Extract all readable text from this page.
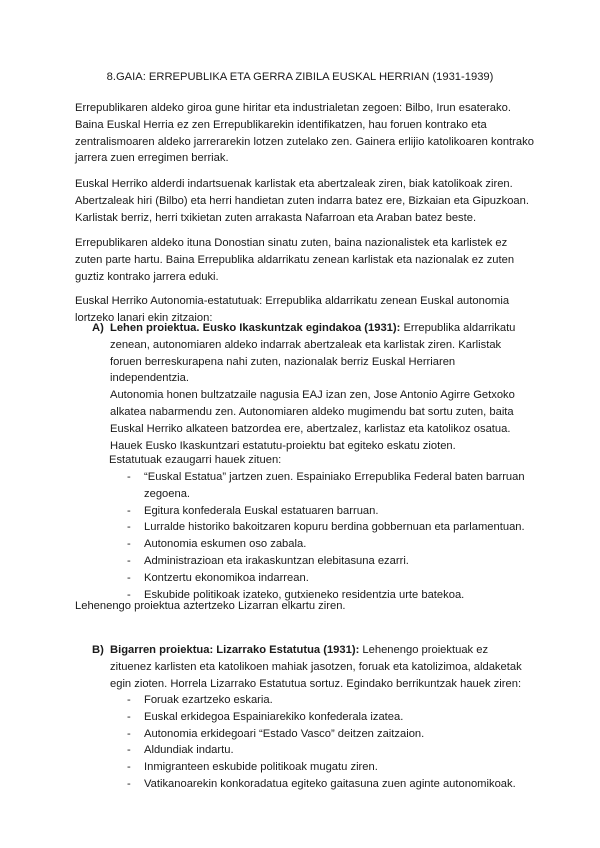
8.GAIA: ERREPUBLIKA ETA GERRA ZIBILA EUSKAL HERRIAN (1931-1939)
Errepublikaren aldeko giroa gune hiritar eta industrialetan zegoen: Bilbo, Irun esaterako.
Baina Euskal Herria ez zen Errepublikarekin identifikatzen, hau foruen kontrako eta
zentralismoaren aldeko jarrerarekin lotzen zutelako zen. Gainera erlijio katolikoaren kontrako
jarrera zuen erregimen berriak.
Euskal Herriko alderdi indartsuenak karlistak eta abertzaleak ziren, biak katolikoak ziren.
Abertzaleak hiri (Bilbo) eta herri handietan zuten indarra batez ere, Bizkaian eta Gipuzkoan.
Karlistak berriz, herri txikietan zuten arrakasta Nafarroan eta Araban batez beste.
Errepublikaren aldeko ituna Donostian sinatu zuten, baina nazionalistek eta karlistek ez
zuten parte hartu. Baina Errepublika aldarrikatu zenean karlistak eta nazionalak ez zuten
guztiz kontrako jarrera eduki.
Euskal Herriko Autonomia-estatutuak: Errepublika aldarrikatu zenean Euskal autonomia
lortzeko lanari ekin zitzaion:
A) Lehen proiektua. Eusko Ikaskuntzak egindakoa (1931): Errepublika aldarrikatu
zenean, autonomiaren aldeko indarrak abertzaleak eta karlistak ziren. Karlistak
foruen berreskurapena nahi zuten, nazionalak berriz Euskal Herriaren
independentzia.
Autonomia honen bultzatzaile nagusia EAJ izan zen, Jose Antonio Agirre Getxoko
alkatea nabarmendu zen. Autonomiaren aldeko mugimendu bat sortu zuten, baita
Euskal Herriko alkateen batzordea ere, abertzalez, karlistaz eta katolikoz osatua.
Hauek Eusko Ikaskuntzari estatutu-proiektu bat egiteko eskatu zioten.
Estatutuak ezaugarri hauek zituen:
- “Euskal Estatua” jartzen zuen. Espainiako Errepublika Federal baten barruan
zegoena.
- Egitura konfederala Euskal estatuaren barruan.
- Lurralde historiko bakoitzaren kopuru berdina gobbernuan eta parlamentuan.
- Autonomia eskumen oso zabala.
- Administrazioan eta irakaskuntzan elebitasuna ezarri.
- Kontzertu ekonomikoa indarrean.
- Eskubide politikoak izateko, gutxieneko residentzia urte batekoa.
Lehenengo proiektua aztertzeko Lizarran elkartu ziren.
B) Bigarren proiektua: Lizarrako Estatutua (1931): Lehenengo proiektuak ez
zituenez karlisten eta katolikoen mahiak jasotzen, foruak eta katolizimoa, aldaketak
egin zioten. Horrela Lizarrako Estatutua sortuz. Egindako berrikuntzak hauek ziren:
- Foruak ezartzeko eskaria.
- Euskal erkidegoa Espainiarekiko konfederala izatea.
- Autonomia erkidegoari “Estado Vasco” deitzen zaitzaion.
- Aldundiak indartu.
- Inmigranteen eskubide politikoak mugatu ziren.
- Vatikanoarekin konkoradatua egiteko gaitasuna zuen aginte autonomikoak.
